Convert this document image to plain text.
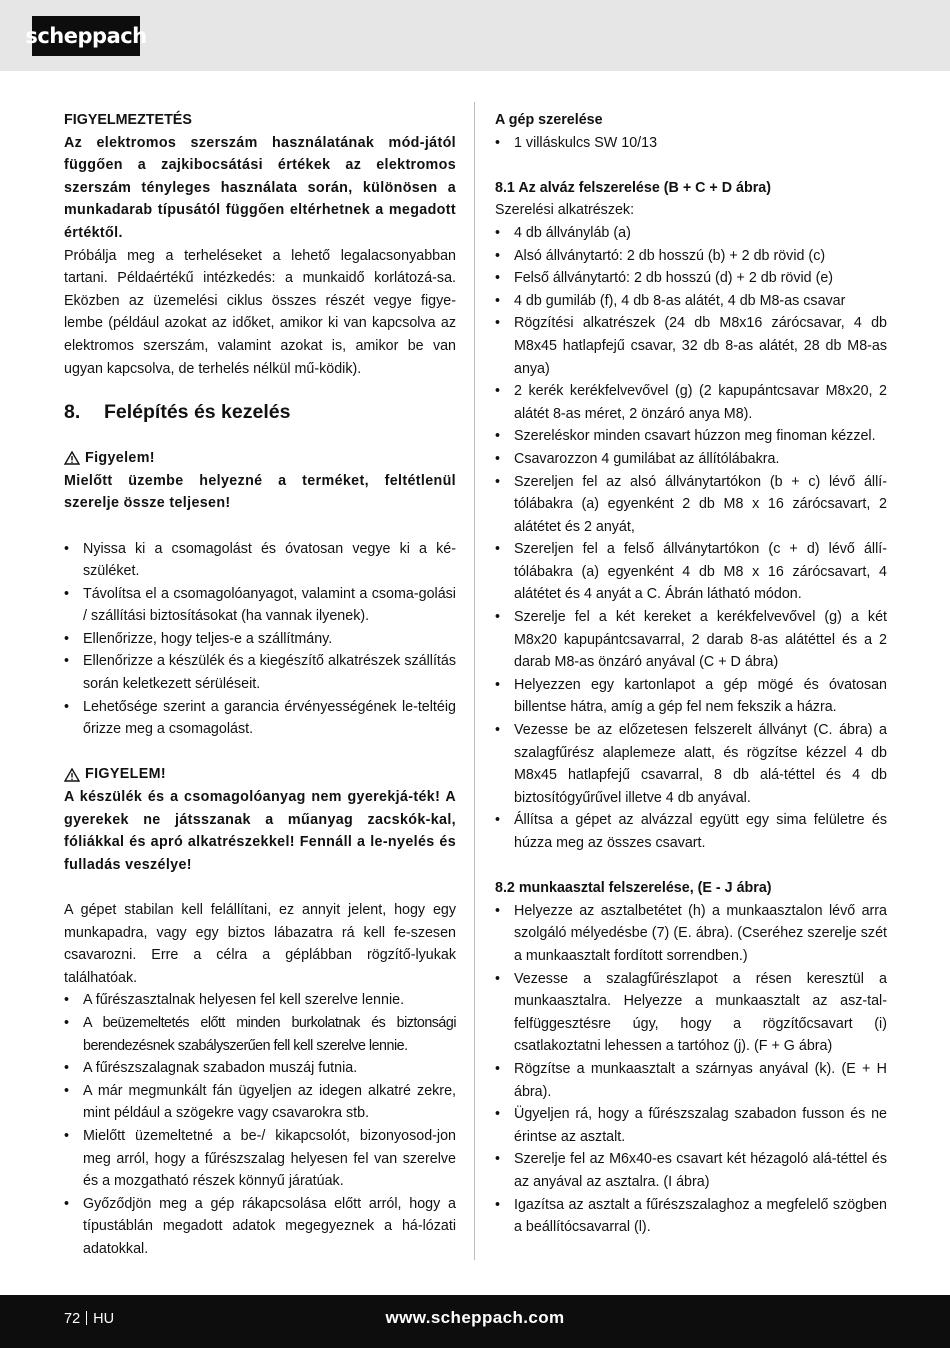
scheppach

FIGYELMEZTETÉS

Az elektromos szerszám használatának mód-jától függően a zajkibocsátási értékek az elektromos szerszám tényleges használata során, különösen a munkadarab típusától függően eltérhetnek a megadott értéktől.

Próbálja meg a terheléseket a lehető legalacsonyabban tartani. Példaértékű intézkedés: a munkaidő korlátozá-sa. Eközben az üzemelési ciklus összes részét vegye figye-lembe (például azokat az időket, amikor ki van kapcsolva az elektromos szerszám, valamint azokat is, amikor be van ugyan kapcsolva, de terhelés nélkül mű-ködik).

8.	Felépítés és kezelés
Figyelem!

Mielőtt üzembe helyezné a terméket, feltétlenül szerelje össze teljesen!

• Nyissa ki a csomagolást és óvatosan vegye ki a ké-szüléket.
• Távolítsa el a csomagolóanyagot, valamint a csoma-golási / szállítási biztosításokat (ha vannak ilyenek).
• Ellenőrizze, hogy teljes-e a szállítmány.
• Ellenőrizze a készülék és a kiegészítő alkatrészek szállítás során keletkezett sérüléseit.
• Lehetősége szerint a garancia érvényességének le-teltéig őrizze meg a csomagolást.
FIGYELEM!

A készülék és a csomagolóanyag nem gyerekjá-ték! A gyerekek ne játsszanak a műanyag zacskók-kal, fóliákkal és apró alkatrészekkel! Fennáll a le-nyelés és fulladás veszélye!

A gépet stabilan kell felállítani, ez annyit jelent, hogy egy munkapadra, vagy egy biztos lábazatra rá kell fe-szesen csavarozni. Erre a célra a géplábban rögzítő-lyukak találhatóak.

• A fűrészasztalnak helyesen fel kell szerelve lennie.
• A beüzemeltetés előtt minden burkolatnak és biztonsági berendezésnek szabályszerűen fell kell szerelve lennie.
• A fűrészszalagnak szabadon muszáj futnia.
• A már megmunkált fán ügyeljen az idegen alkatré zekre, mint például a szögekre vagy csavarokra stb.
• Mielőtt üzemeltetné a be-/ kikapcsolót, bizonyosod-jon meg arról, hogy a fűrészszalag helyesen fel van szerelve és a mozgatható részek könnyű járatúak.
• Győződjön meg a gép rákapcsolása előtt arról, hogy a típustáblán megadott adatok megegyeznek a há-lózati adatokkal.

A gép szerelése

• 1 villáskulcs SW 10/13

8.1 Az alváz felszerelése (B + C + D ábra)

Szerelési alkatrészek:

• 4 db állványláb (a)
• Alsó állványtartó: 2 db hosszú (b) + 2 db rövid (c)
• Felső állványtartó: 2 db hosszú (d) + 2 db rövid (e)
• 4 db gumiláb (f), 4 db 8-as alátét, 4 db M8-as csavar
• Rögzítési alkatrészek (24 db M8x16 zárócsavar, 4 db M8x45 hatlapfejű csavar, 32 db 8-as alátét, 28 db M8-as anya)
• 2 kerék kerékfelvevővel (g) (2 kapupántcsavar M8x20, 2 alátét 8-as méret, 2 önzáró anya M8).
• Szereléskor minden csavart húzzon meg finoman kézzel.
• Csavarozzon 4 gumilábat az állítólábakra.
• Szereljen fel az alsó állványtartókon (b + c) lévő állí-tólábakra (a) egyenként 2 db M8 x 16 zárócsavart, 2 alátétet és 2 anyát,
• Szereljen fel a felső állványtartókon (c + d) lévő állí-tólábakra (a) egyenként 4 db M8 x 16 zárócsavart, 4 alátétet és 4 anyát a C. Ábrán látható módon.
• Szerelje fel a két kereket a kerékfelvevővel (g) a két M8x20 kapupántcsavarral, 2 darab 8-as alátéttel és a 2 darab M8-as önzáró anyával (C + D ábra)
• Helyezzen egy kartonlapot a gép mögé és óvatosan billentse hátra, amíg a gép fel nem fekszik a házra.
• Vezesse be az előzetesen felszerelt állványt (C. ábra) a szalagfűrész alaplemeze alatt, és rögzítse kézzel 4 db M8x45 hatlapfejű csavarral, 8 db alá-téttel és 4 db biztosítógyűrűvel illetve 4 db anyával.
• Állítsa a gépet az alvázzal együtt egy sima felületre és húzza meg az összes csavart.

8.2 munkaasztal felszerelése, (E - J ábra)

• Helyezze az asztalbetétet (h) a munkaasztalon lévő arra szolgáló mélyedésbe (7) (E. ábra). (Cseréhez szerelje szét a munkaasztalt fordított sorrendben.)
• Vezesse a szalagfűrészlapot a résen keresztül a munkaasztalra. Helyezze a munkaasztalt az asz-tal-felfüggesztésre úgy, hogy a rögzítőcsavart (i) csatlakoztatni lehessen a tartóhoz (j). (F + G ábra)
• Rögzítse a munkaasztalt a szárnyas anyával (k). (E + H ábra).
• Ügyeljen rá, hogy a fűrészszalag szabadon fusson és ne érintse az asztalt.
• Szerelje fel az M6x40-es csavart két hézagoló alá-téttel és az anyával az asztalra. (I ábra)
• Igazítsa az asztalt a fűrészszalaghoz a megfelelő szögben a beállítócsavarral (l).
72 HU	www.scheppach.com
